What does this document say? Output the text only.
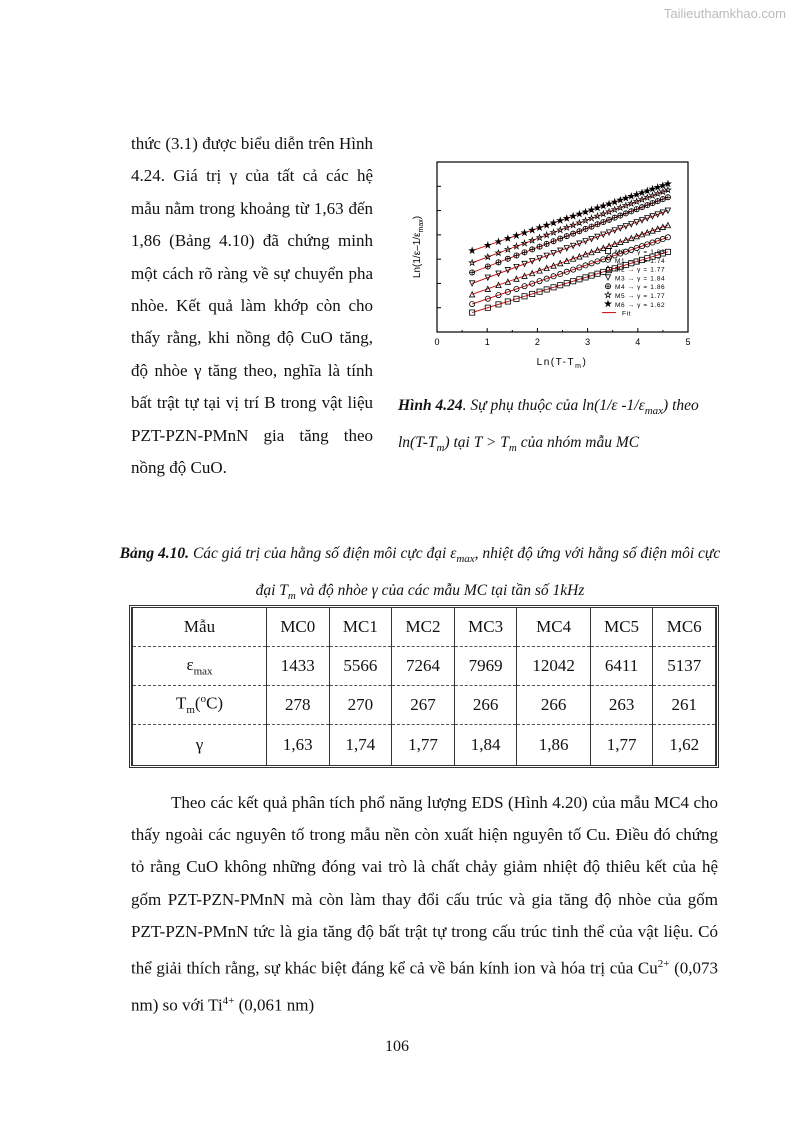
Tailieuthamkhao.com

thức (3.1) được biểu diễn trên Hình 4.24. Giá trị γ của tất cả các hệ mẫu nằm trong khoảng từ 1,63 đến 1,86 (Bảng 4.10) đã chứng minh một cách rõ ràng về sự chuyển pha nhòe. Kết quả làm khớp còn cho thấy rằng, khi nồng độ CuO tăng, độ nhòe γ tăng theo, nghĩa là tính bất trật tự tại vị trí B trong vật liệu PZT-PZN-PMnN gia tăng theo nồng độ CuO.

0	1	2	3	4	5
M0 → γ = 1.63
M1 → γ = 1.74
M2 → γ = 1.77
M3 → γ = 1.84
M4 → γ = 1.86
M5 → γ = 1.77
M6 → γ = 1.62
Fit
$Ln(1/\varepsilon-1/\varepsilon_{max})$
$Ln(T-T_m)$
Hình 4.24. Sự phụ thuộc của ln(1/ε $-1/\varepsilon_{max}$) theo $\ln(T-T_m)$ tại $T > T_m$ của nhóm mẫu MC
Bảng 4.10. Các giá trị của hằng số điện môi cực đại $\varepsilon_{max}$, nhiệt độ ứng với hằng số điện môi cực đại $T_m$ và độ nhòe γ của các mẫu MC tại tần số 1kHz
Mẫu	MC0	MC1	MC2	MC3	MC4	MC5	MC6
$\varepsilon_{max}$	1433	5566	7264	7969	12042	6411	5137
$T_m(^oC)$	278	270	267	266	266	263	261
γ	1,63	1,74	1,77	1,84	1,86	1,77	1,62

Theo các kết quả phân tích phổ năng lượng EDS (Hình 4.20) của mẫu MC4 cho thấy ngoài các nguyên tố trong mẫu nền còn xuất hiện nguyên tố Cu. Điều đó chứng tỏ rằng CuO không những đóng vai trò là chất chảy giảm nhiệt độ thiêu kết của hệ gốm PZT-PZN-PMnN mà còn làm thay đổi cấu trúc và gia tăng độ nhòe của gốm PZT-PZN-PMnN tức là gia tăng độ bất trật tự trong cấu trúc tinh thể của vật liệu. Có thể giải thích rằng, sự khác biệt đáng kể cả về bán kính ion và hóa trị của $Cu^{2+}$ (0,073 nm) so với $Ti^{4+}$ (0,061 nm)

106
